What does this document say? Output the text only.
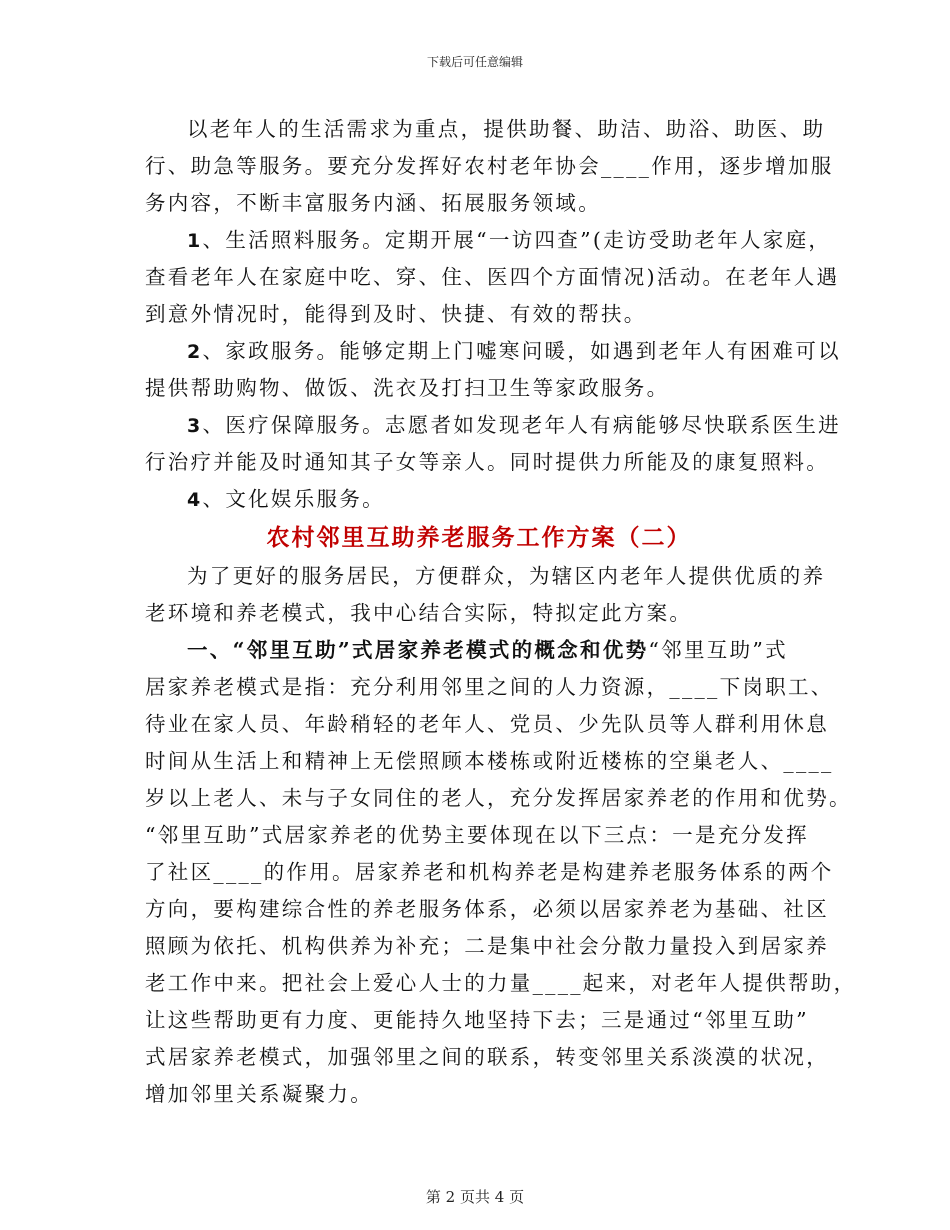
下载后可任意编辑
以老年人的生活需求为重点，提供助餐、助洁、助浴、助医、助
行、助急等服务。要充分发挥好农村老年协会____作用，逐步增加服
务内容，不断丰富服务内涵、拓展服务领域。
1、生活照料服务。定期开展“一访四查”(走访受助老年人家庭，
查看老年人在家庭中吃、穿、住、医四个方面情况)活动。在老年人遇
到意外情况时，能得到及时、快捷、有效的帮扶。
2、家政服务。能够定期上门嘘寒问暖，如遇到老年人有困难可以
提供帮助购物、做饭、洗衣及打扫卫生等家政服务。
3、医疗保障服务。志愿者如发现老年人有病能够尽快联系医生进
行治疗并能及时通知其子女等亲人。同时提供力所能及的康复照料。
4、文化娱乐服务。
农村邻里互助养老服务工作方案（二）
为了更好的服务居民，方便群众，为辖区内老年人提供优质的养
老环境和养老模式，我中心结合实际，特拟定此方案。
一、“邻里互助”式居家养老模式的概念和优势“邻里互助”式
居家养老模式是指：充分利用邻里之间的人力资源，____下岗职工、
待业在家人员、年龄稍轻的老年人、党员、少先队员等人群利用休息
时间从生活上和精神上无偿照顾本楼栋或附近楼栋的空巢老人、____
岁以上老人、未与子女同住的老人，充分发挥居家养老的作用和优势。
“邻里互助”式居家养老的优势主要体现在以下三点：一是充分发挥
了社区____的作用。居家养老和机构养老是构建养老服务体系的两个
方向，要构建综合性的养老服务体系，必须以居家养老为基础、社区
照顾为依托、机构供养为补充；二是集中社会分散力量投入到居家养
老工作中来。把社会上爱心人士的力量____起来，对老年人提供帮助，
让这些帮助更有力度、更能持久地坚持下去；三是通过“邻里互助”
式居家养老模式，加强邻里之间的联系，转变邻里关系淡漠的状况，
增加邻里关系凝聚力。
第 2 页共 4 页
